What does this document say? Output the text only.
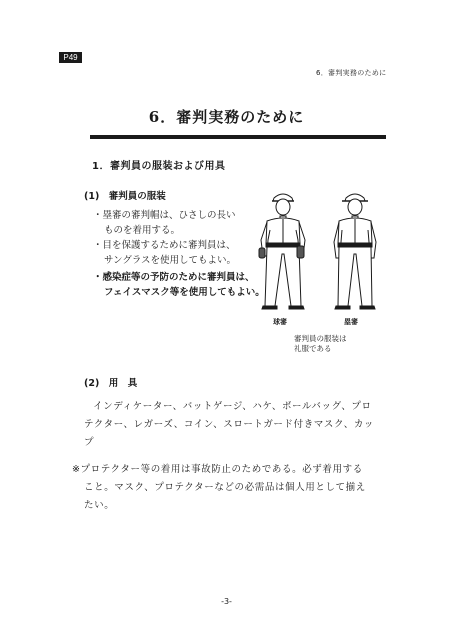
P49
6．審判実務のために
6．審判実務のために
1．審判員の服装および用具
(1)　審判員の服装
・塁審の審判帽は、ひさしの長い
ものを着用する。
・目を保護するために審判員は、
サングラスを使用してもよい。
・感染症等の予防のために審判員は、
フェイスマスク等を使用してもよい。
球審	塁審
審判員の服装は
礼服である
(2)　用　具
インディケーター、バットゲージ、ハケ、ボールバッグ、プロ
テクター、レガーズ、コイン、スロートガード付きマスク、カッ
プ
※プロテクター等の着用は事故防止のためである。必ず着用する
こと。マスク、プロテクターなどの必需品は個人用として揃え
たい。
-3-
